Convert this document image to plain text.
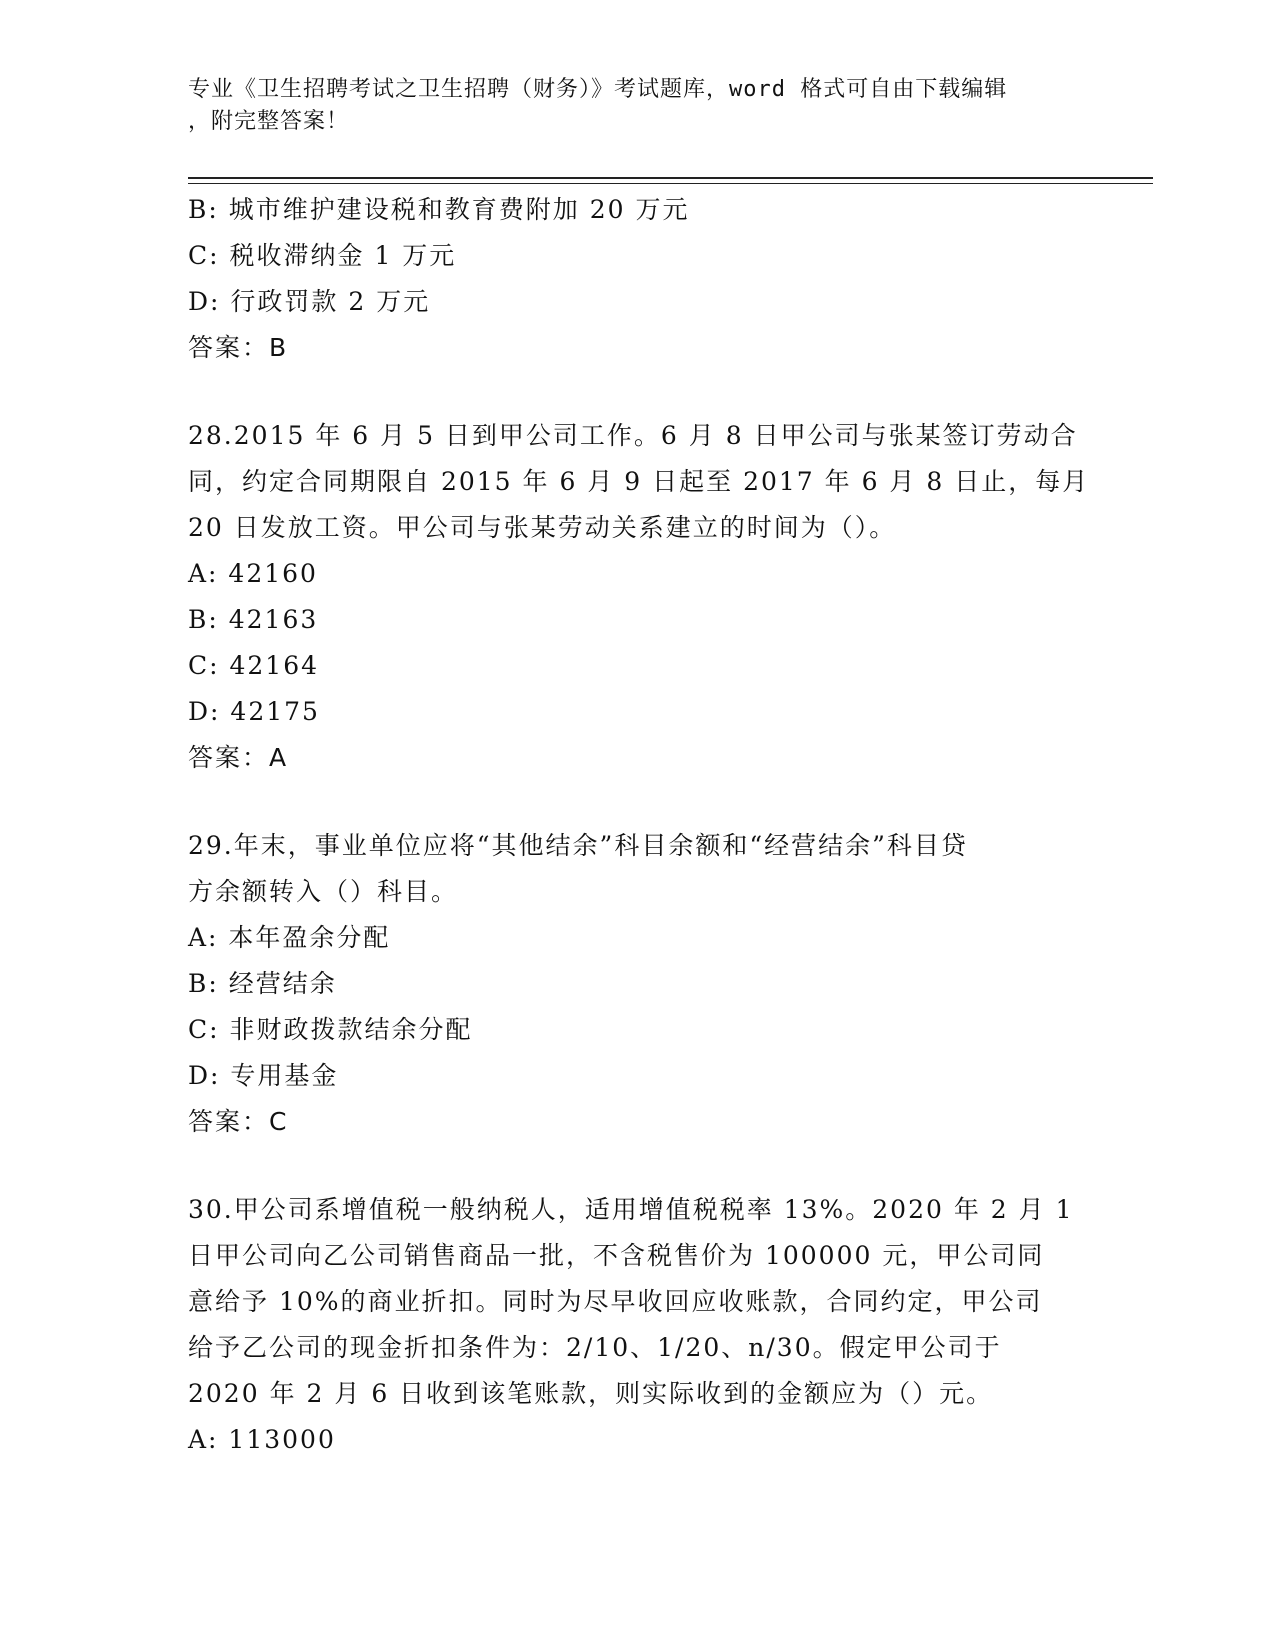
专业《卫生招聘考试之卫生招聘（财务）》考试题库，word 格式可自由下载编辑
，附完整答案！
B: 城市维护建设税和教育费附加 20 万元
C: 税收滞纳金 1 万元
D: 行政罚款 2 万元
答案：B
28.2015 年 6 月 5 日到甲公司工作。6 月 8 日甲公司与张某签订劳动合
同，约定合同期限自 2015 年 6 月 9 日起至 2017 年 6 月 8 日止，每月
20 日发放工资。甲公司与张某劳动关系建立的时间为（）。
A: 42160
B: 42163
C: 42164
D: 42175
答案：A
29.年末，事业单位应将“其他结余”科目余额和“经营结余”科目贷
方余额转入（）科目。
A: 本年盈余分配
B: 经营结余
C: 非财政拨款结余分配
D: 专用基金
答案：C
30.甲公司系增值税一般纳税人，适用增值税税率 13%。2020 年 2 月 1
日甲公司向乙公司销售商品一批，不含税售价为 100000 元，甲公司同
意给予 10%的商业折扣。同时为尽早收回应收账款，合同约定，甲公司
给予乙公司的现金折扣条件为：2/10、1/20、n/30。假定甲公司于
2020 年 2 月 6 日收到该笔账款，则实际收到的金额应为（）元。
A: 113000
